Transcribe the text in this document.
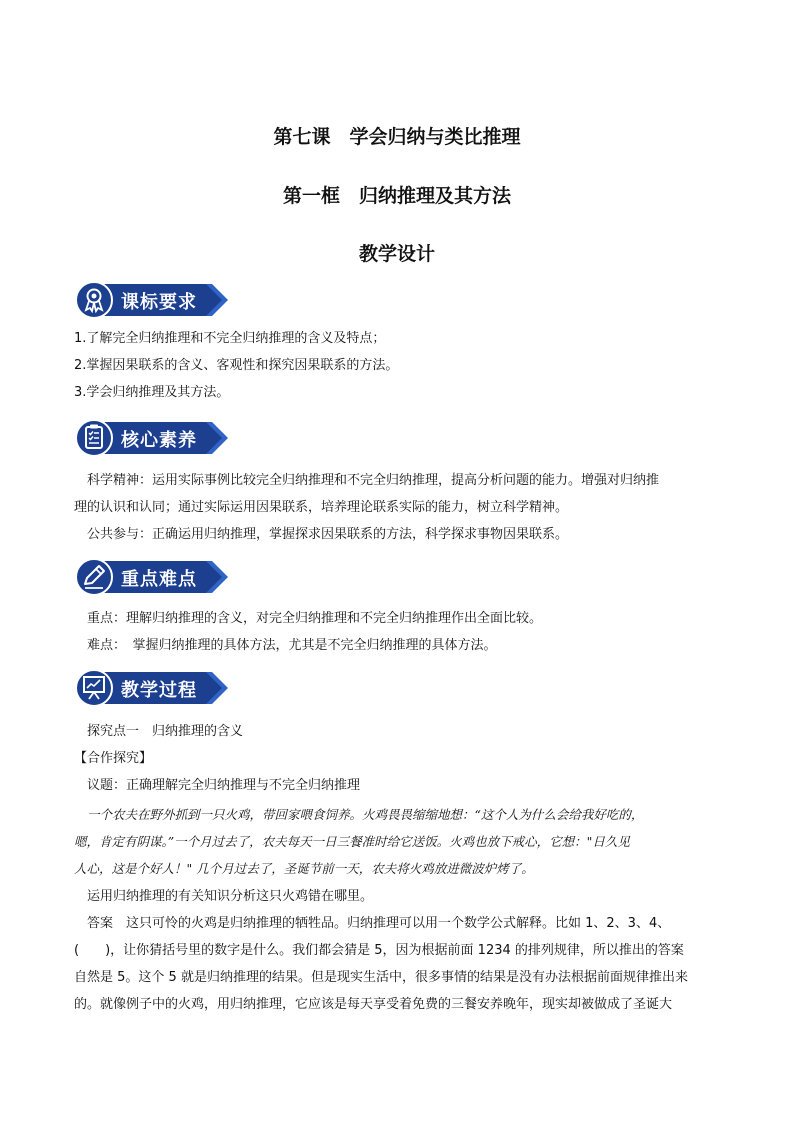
第七课　学会归纳与类比推理
第一框　归纳推理及其方法
教学设计
课标要求
1.了解完全归纳推理和不完全归纳推理的含义及特点；
2.掌握因果联系的含义、客观性和探究因果联系的方法。
3.学会归纳推理及其方法。
核心素养
科学精神：运用实际事例比较完全归纳推理和不完全归纳推理，提高分析问题的能力。增强对归纳推
理的认识和认同；通过实际运用因果联系，培养理论联系实际的能力，树立科学精神。
公共参与：正确运用归纳推理，掌握探求因果联系的方法，科学探求事物因果联系。
重点难点
重点：理解归纳推理的含义，对完全归纳推理和不完全归纳推理作出全面比较。
难点：　掌握归纳推理的具体方法，尤其是不完全归纳推理的具体方法。
教学过程
探究点一　归纳推理的含义
【合作探究】
议题：正确理解完全归纳推理与不完全归纳推理
一个农夫在野外抓到一只火鸡，带回家喂食饲养。火鸡畏畏缩缩地想：“这个人为什么会给我好吃的，
嗯，肯定有阴谋。”一个月过去了，农夫每天一日三餐准时给它送饭。火鸡也放下戒心，它想："日久见
人心，这是个好人！" 几个月过去了，圣诞节前一天，农夫将火鸡放进微波炉烤了。
运用归纳推理的有关知识分析这只火鸡错在哪里。
答案　这只可怜的火鸡是归纳推理的牺牲品。归纳推理可以用一个数学公式解释。比如 1、2、3、4、
(　　)，让你猜括号里的数字是什么。我们都会猜是 5，因为根据前面 1234 的排列规律，所以推出的答案
自然是 5。这个 5 就是归纳推理的结果。但是现实生活中，很多事情的结果是没有办法根据前面规律推出来
的。就像例子中的火鸡，用归纳推理，它应该是每天享受着免费的三餐安养晚年，现实却被做成了圣诞大
